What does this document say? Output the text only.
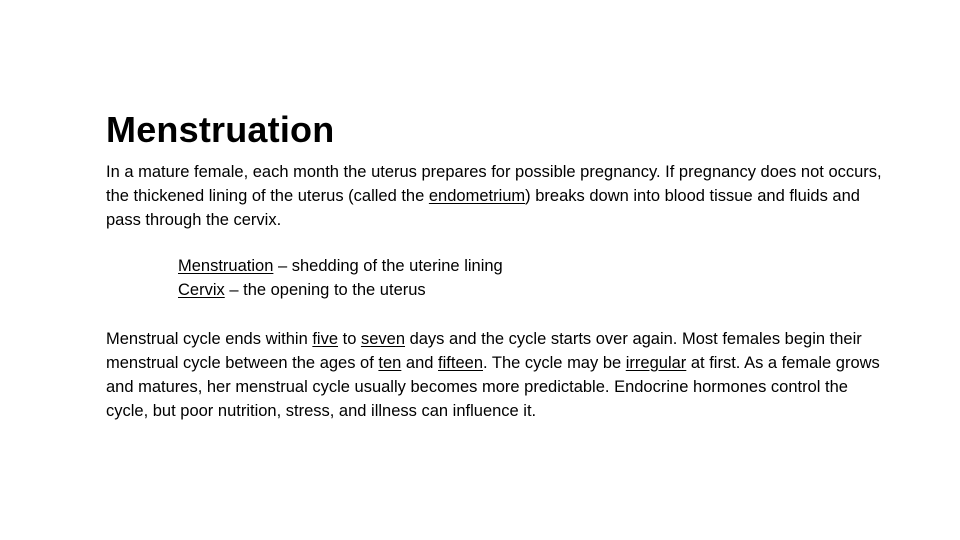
Menstruation
In a mature female, each month the uterus prepares for possible pregnancy. If pregnancy does not occurs, the thickened lining of the uterus (called the endometrium) breaks down into blood tissue and fluids and pass through the cervix.
Menstruation – shedding of the uterine lining
Cervix – the opening to the uterus
Menstrual cycle ends within five to seven days and the cycle starts over again. Most females begin their menstrual cycle between the ages of ten and fifteen. The cycle may be irregular at first. As a female grows and matures, her menstrual cycle usually becomes more predictable. Endocrine hormones control the cycle, but poor nutrition, stress, and illness can influence it.
